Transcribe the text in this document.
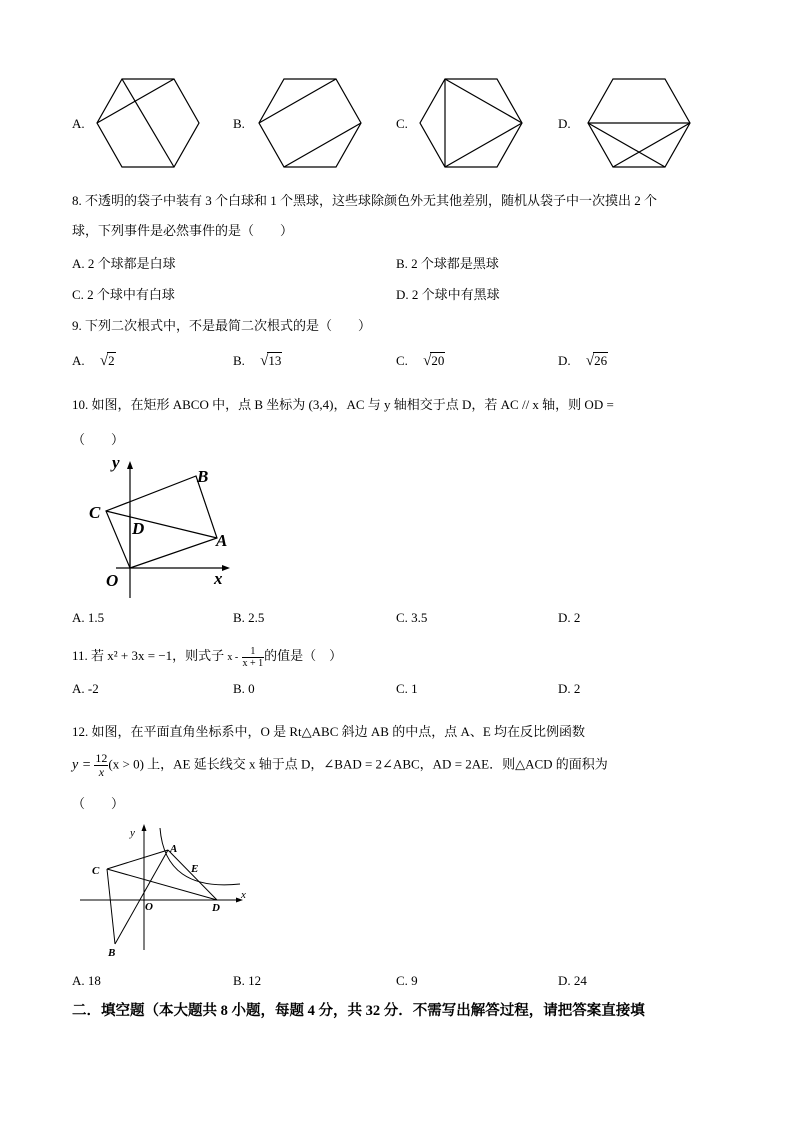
A.	B.	C.	D.
8. 不透明的袋子中装有 3 个白球和 1 个黑球，这些球除颜色外无其他差别，随机从袋子中一次摸出 2 个
球，下列事件是必然事件的是（　　）
A. 2 个球都是白球	B. 2 个球都是黑球
C. 2 个球中有白球	D. 2 个球中有黑球
9. 下列二次根式中，不是最简二次根式的是（　　）
A. √2	B. √13	C. √20	D. √26
10. 如图，在矩形 ABCO 中，点 B 坐标为 (3,4)，AC 与 y 轴相交于点 D，若 AC // x 轴，则 OD =
（　　）
y
B
C
D
A
O	x
A. 1.5	B. 2.5	C. 3.5	D. 2
11. 若 x² + 3x = −1，则式子 x - $\frac{1}{x + 1}$ 的值是（　）
A. -2	B. 0	C. 1	D. 2
12. 如图，在平面直角坐标系中，O 是 Rt△ABC 斜边 AB 的中点，点 A、E 均在反比例函数
$y = \frac{12}{x} (x > 0)$ 上，AE 延长线交 x 轴于点 D，∠BAD = 2∠ABC，AD = 2AE．则△ACD 的面积为
（　　）
y
A
E
C
O	D
x
B
A. 18	B. 12	C. 9	D. 24
二．填空题（本大题共 8 小题，每题 4 分，共 32 分．不需写出解答过程，请把答案直接填
